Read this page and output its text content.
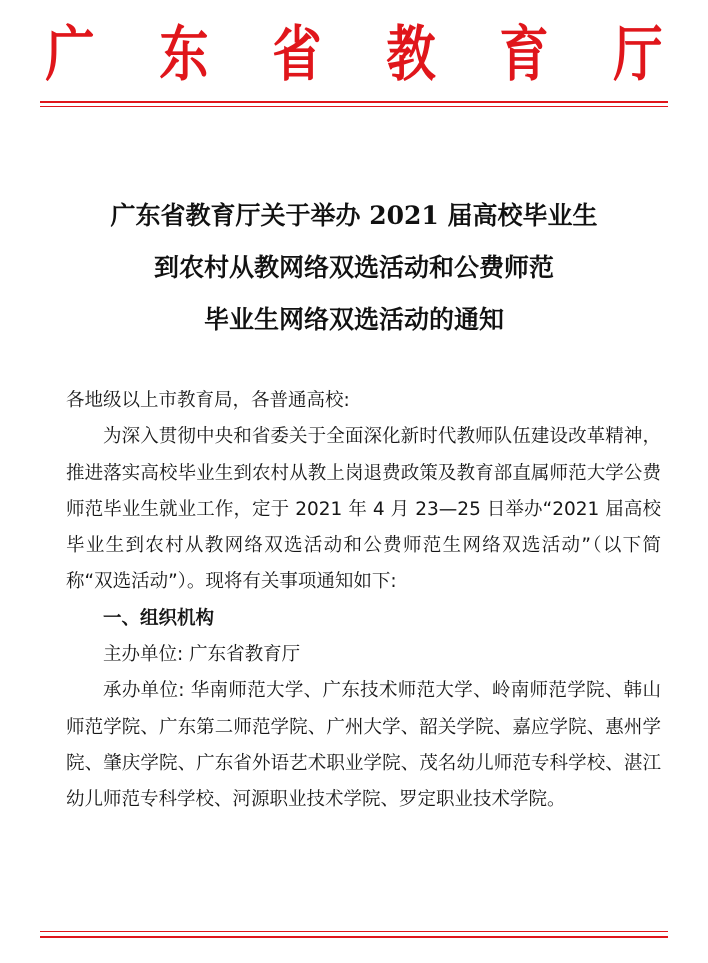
广 东 省 教 育 厅
广东省教育厅关于举办 2021 届高校毕业生
到农村从教网络双选活动和公费师范
毕业生网络双选活动的通知

各地级以上市教育局，各普通高校:

为深入贯彻中央和省委关于全面深化新时代教师队伍建设改革精神，推进落实高校毕业生到农村从教上岗退费政策及教育部直属师范大学公费师范毕业生就业工作，定于 2021 年 4 月 23—25 日举办“2021 届高校毕业生到农村从教网络双选活动和公费师范生网络双选活动”（以下简称“双选活动”）。现将有关事项通知如下:

一、组织机构

主办单位: 广东省教育厅

承办单位: 华南师范大学、广东技术师范大学、岭南师范学院、韩山师范学院、广东第二师范学院、广州大学、韶关学院、嘉应学院、惠州学院、肇庆学院、广东省外语艺术职业学院、茂名幼儿师范专科学校、湛江幼儿师范专科学校、河源职业技术学院、罗定职业技术学院。
